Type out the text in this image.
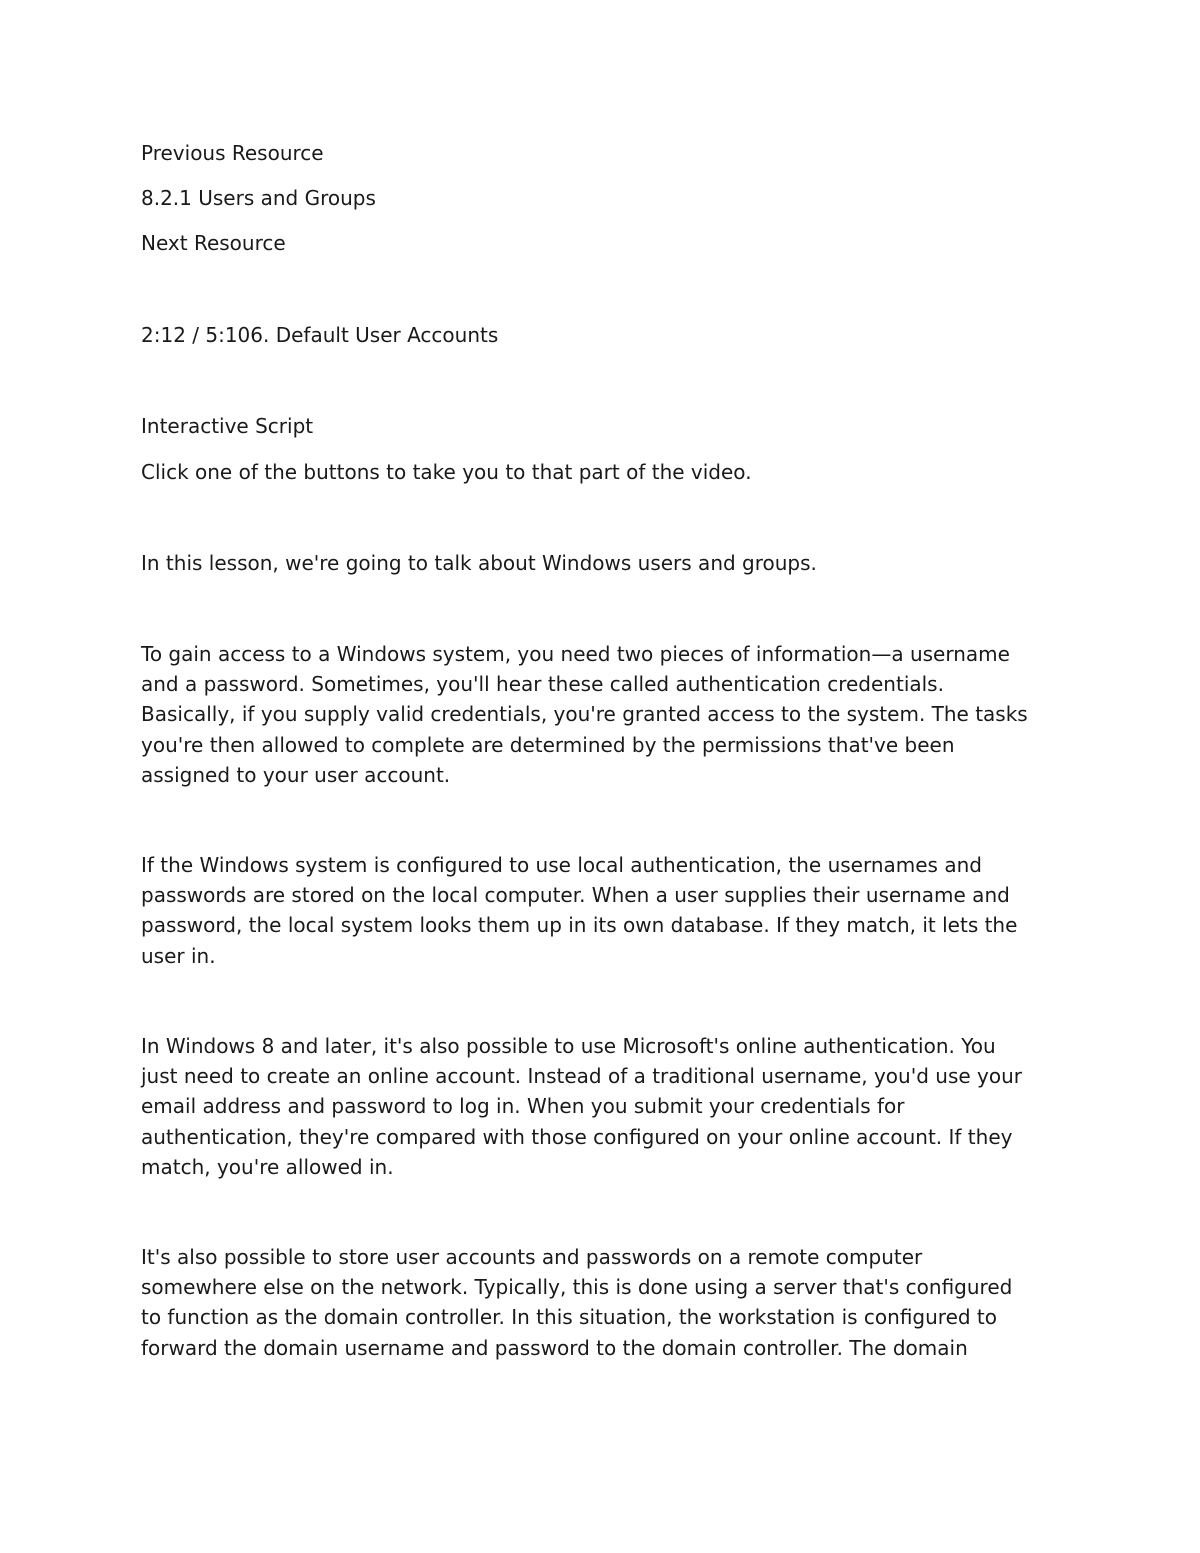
Previous Resource
8.2.1 Users and Groups
Next Resource
2:12 / 5:106. Default User Accounts
Interactive Script
Click one of the buttons to take you to that part of the video.
In this lesson, we're going to talk about Windows users and groups.
To gain access to a Windows system, you need two pieces of information—a username
and a password. Sometimes, you'll hear these called authentication credentials.
Basically, if you supply valid credentials, you're granted access to the system. The tasks
you're then allowed to complete are determined by the permissions that've been
assigned to your user account.
If the Windows system is configured to use local authentication, the usernames and
passwords are stored on the local computer. When a user supplies their username and
password, the local system looks them up in its own database. If they match, it lets the
user in.
In Windows 8 and later, it's also possible to use Microsoft's online authentication. You
just need to create an online account. Instead of a traditional username, you'd use your
email address and password to log in. When you submit your credentials for
authentication, they're compared with those configured on your online account. If they
match, you're allowed in.
It's also possible to store user accounts and passwords on a remote computer
somewhere else on the network. Typically, this is done using a server that's configured
to function as the domain controller. In this situation, the workstation is configured to
forward the domain username and password to the domain controller. The domain
